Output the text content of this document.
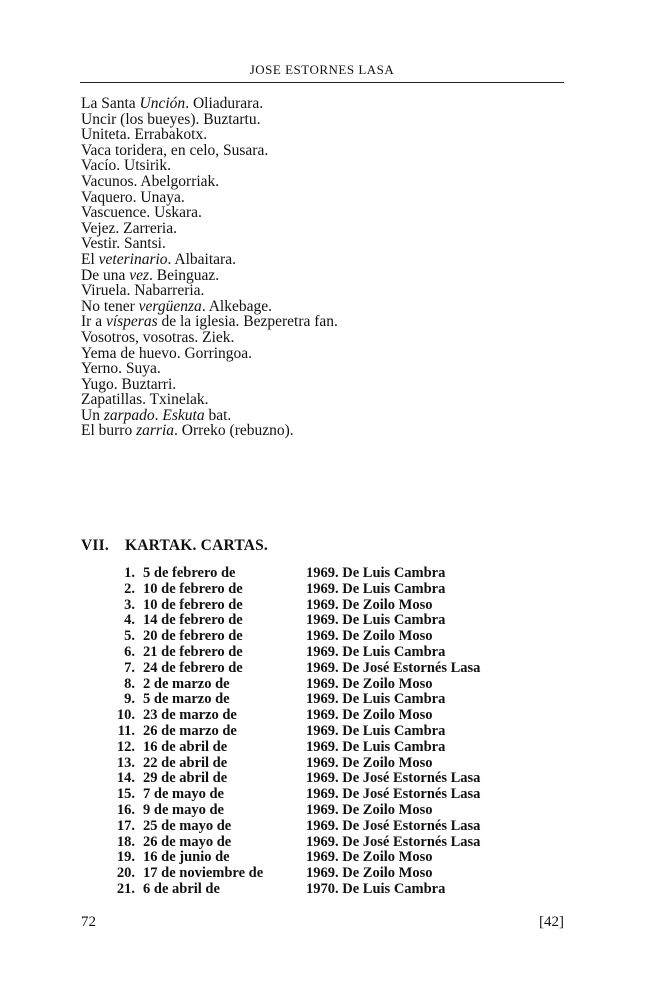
JOSE ESTORNES LASA
La Santa Unción. Oliadurara.
Uncir (los bueyes). Buztartu.
Uniteta. Errabakotx.
Vaca toridera, en celo, Susara.
Vacío. Utsirik.
Vacunos. Abelgorriak.
Vaquero. Unaya.
Vascuence. Uskara.
Vejez. Zarreria.
Vestir. Santsi.
El veterinario. Albaitara.
De una vez. Beinguaz.
Viruela. Nabarreria.
No tener vergüenza. Alkebage.
Ir a vísperas de la iglesia. Bezperetra fan.
Vosotros, vosotras. Ziek.
Yema de huevo. Gorringoa.
Yerno. Suya.
Yugo. Buztarri.
Zapatillas. Txinelak.
Un zarpado. Eskuta bat.
El burro zarria. Orreko (rebuzno).
VII. KARTAK. CARTAS.
1. 5 de febrero de	1969. De Luis Cambra
2. 10 de febrero de	1969. De Luis Cambra
3. 10 de febrero de	1969. De Zoilo Moso
4. 14 de febrero de	1969. De Luis Cambra
5. 20 de febrero de	1969. De Zoilo Moso
6. 21 de febrero de	1969. De Luis Cambra
7. 24 de febrero de	1969. De José Estornés Lasa
8. 2 de marzo de	1969. De Zoilo Moso
9. 5 de marzo de	1969. De Luis Cambra
10. 23 de marzo de	1969. De Zoilo Moso
11. 26 de marzo de	1969. De Luis Cambra
12. 16 de abril de	1969. De Luis Cambra
13. 22 de abril de	1969. De Zoilo Moso
14. 29 de abril de	1969. De José Estornés Lasa
15. 7 de mayo de	1969. De José Estornés Lasa
16. 9 de mayo de	1969. De Zoilo Moso
17. 25 de mayo de	1969. De José Estornés Lasa
18. 26 de mayo de	1969. De José Estornés Lasa
19. 16 de junio de	1969. De Zoilo Moso
20. 17 de noviembre de	1969. De Zoilo Moso
21. 6 de abril de	1970. De Luis Cambra
72	[42]
